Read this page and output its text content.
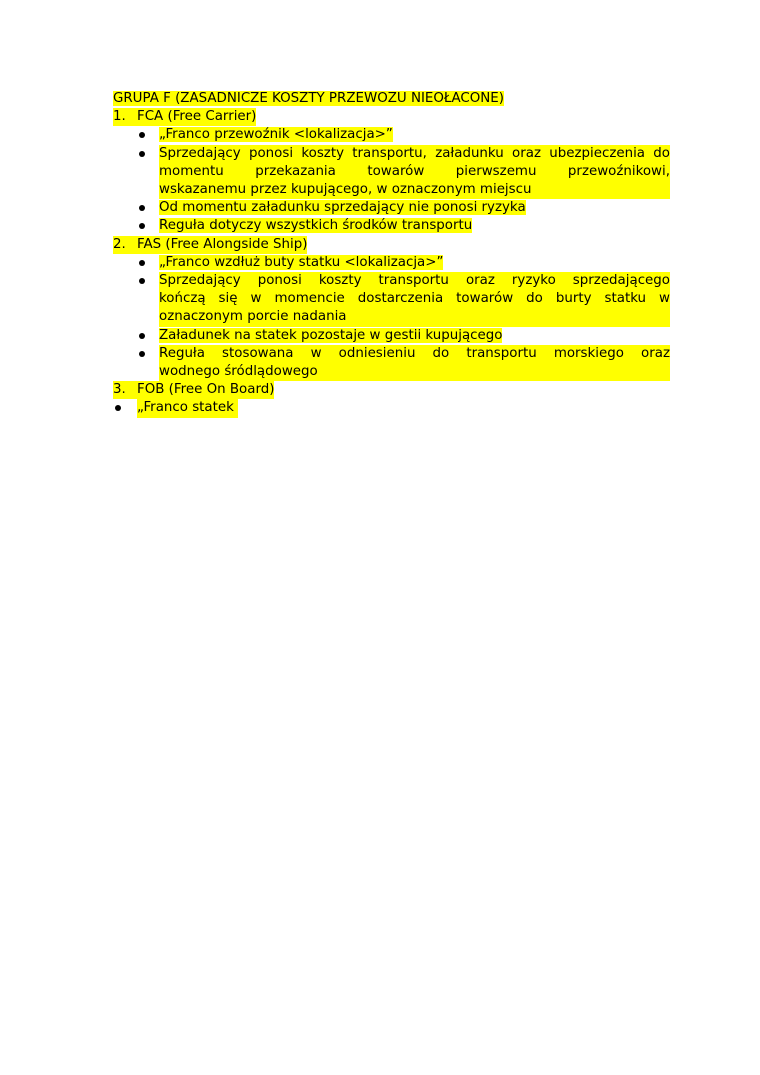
GRUPA F (ZASADNICZE KOSZTY PRZEWOZU NIEOŁACONE)
1. FCA (Free Carrier)
„Franco przewoźnik <lokalizacja>”
Sprzedający ponosi koszty transportu, załadunku oraz ubezpieczenia do
momentu przekazania towarów pierwszemu przewoźnikowi,
wskazanemu przez kupującego, w oznaczonym miejscu
Od momentu załadunku sprzedający nie ponosi ryzyka
Reguła dotyczy wszystkich środków transportu
2. FAS (Free Alongside Ship)
„Franco wzdłuż buty statku <lokalizacja>”
Sprzedający ponosi koszty transportu oraz ryzyko sprzedającego
kończą się w momencie dostarczenia towarów do burty statku w
oznaczonym porcie nadania
Załadunek na statek pozostaje w gestii kupującego
Reguła stosowana w odniesieniu do transportu morskiego oraz
wodnego śródlądowego
3. FOB (Free On Board)
„Franco statek
